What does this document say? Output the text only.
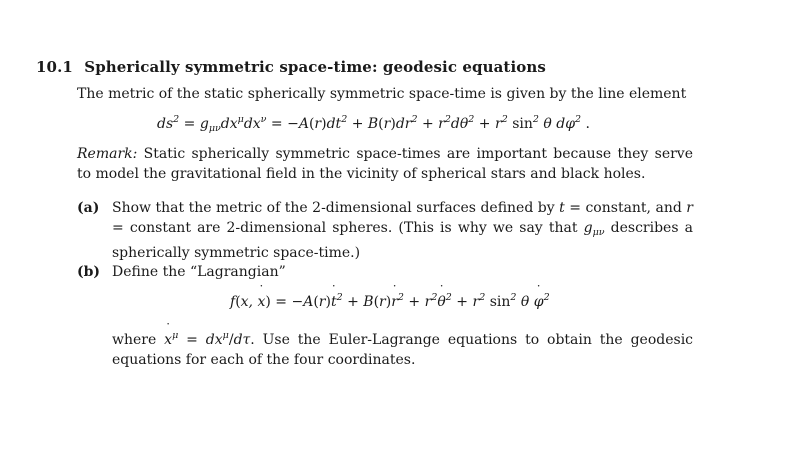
10.1 Spherically symmetric space-time: geodesic equations
The metric of the static spherically symmetric space-time is given by the line element
$ds^2 = g_{\mu\nu}dx^\mu dx^\nu = -A(r)dt^2 + B(r)dr^2 + r^2d\theta^2 + r^2$ $\sin^2 \theta$ $d\varphi^2$ .
Remark: Static spherically symmetric space-times are important because they serve to model the gravitational field in the vicinity of spherical stars and black holes.
(a) Show that the metric of the 2-dimensional surfaces defined by t = constant, and r = constant are 2-dimensional spheres. (This is why we say that $g_{\mu\nu}$ describes a spherically symmetric space-time.)
(b) Define the “Lagrangian”
f(x, x ˙) = −A(r)t ˙$^2$ + B(r)r ˙$^2$ + $r^2\theta$ ˙$^2$ + $r^2$ $\sin^2 \theta$ φ ˙$^2$
where x ˙$^\mu$ = $dx^\mu/d\tau$. Use the Euler-Lagrange equations to obtain the geodesic equations for each of the four coordinates.
